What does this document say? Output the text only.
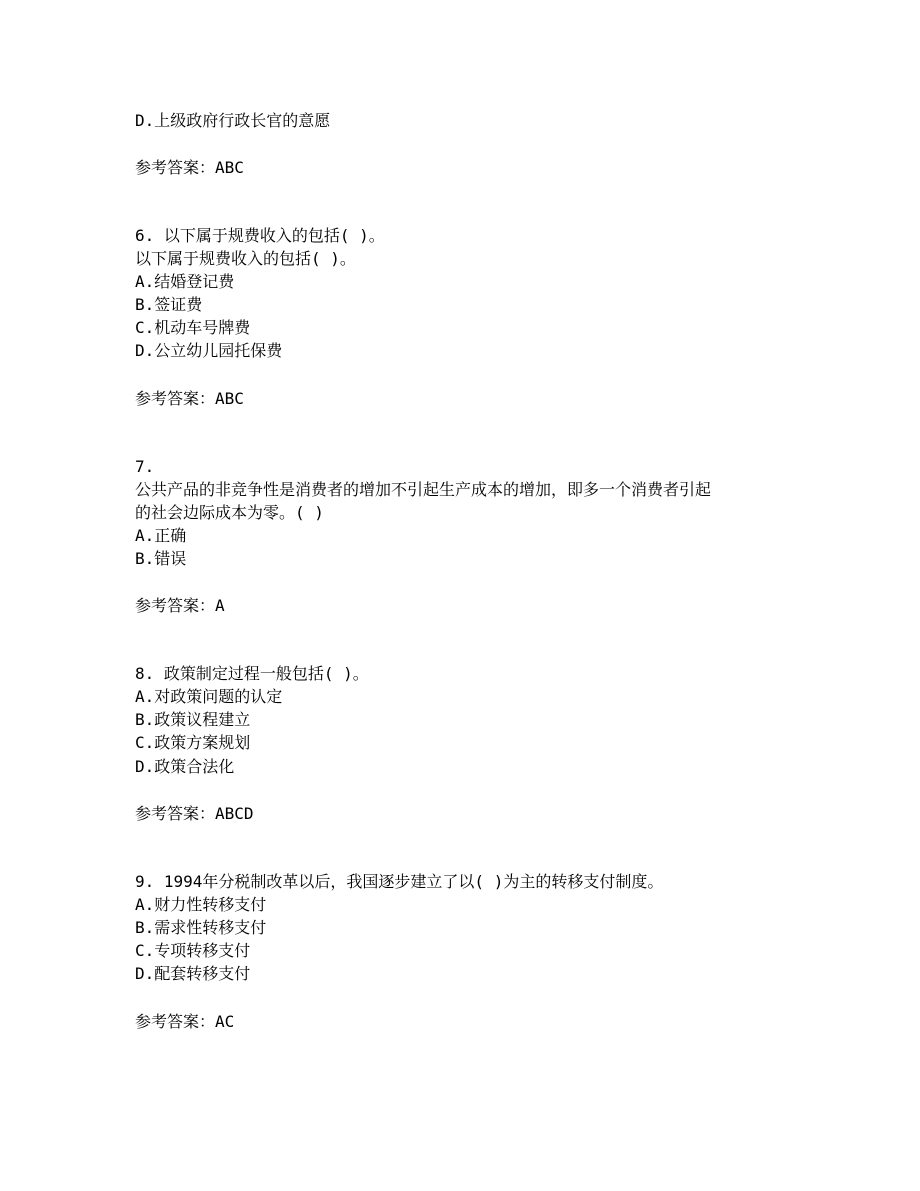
D.上级政府行政长官的意愿
参考答案：ABC
6. 以下属于规费收入的包括( )。
以下属于规费收入的包括( )。
A.结婚登记费
B.签证费
C.机动车号牌费
D.公立幼儿园托保费
参考答案：ABC
7.
公共产品的非竞争性是消费者的增加不引起生产成本的增加，即多一个消费者引起
的社会边际成本为零。( )
A.正确
B.错误
参考答案：A
8. 政策制定过程一般包括( )。
A.对政策问题的认定
B.政策议程建立
C.政策方案规划
D.政策合法化
参考答案：ABCD
9. 1994年分税制改革以后，我国逐步建立了以( )为主的转移支付制度。
A.财力性转移支付
B.需求性转移支付
C.专项转移支付
D.配套转移支付
参考答案：AC
